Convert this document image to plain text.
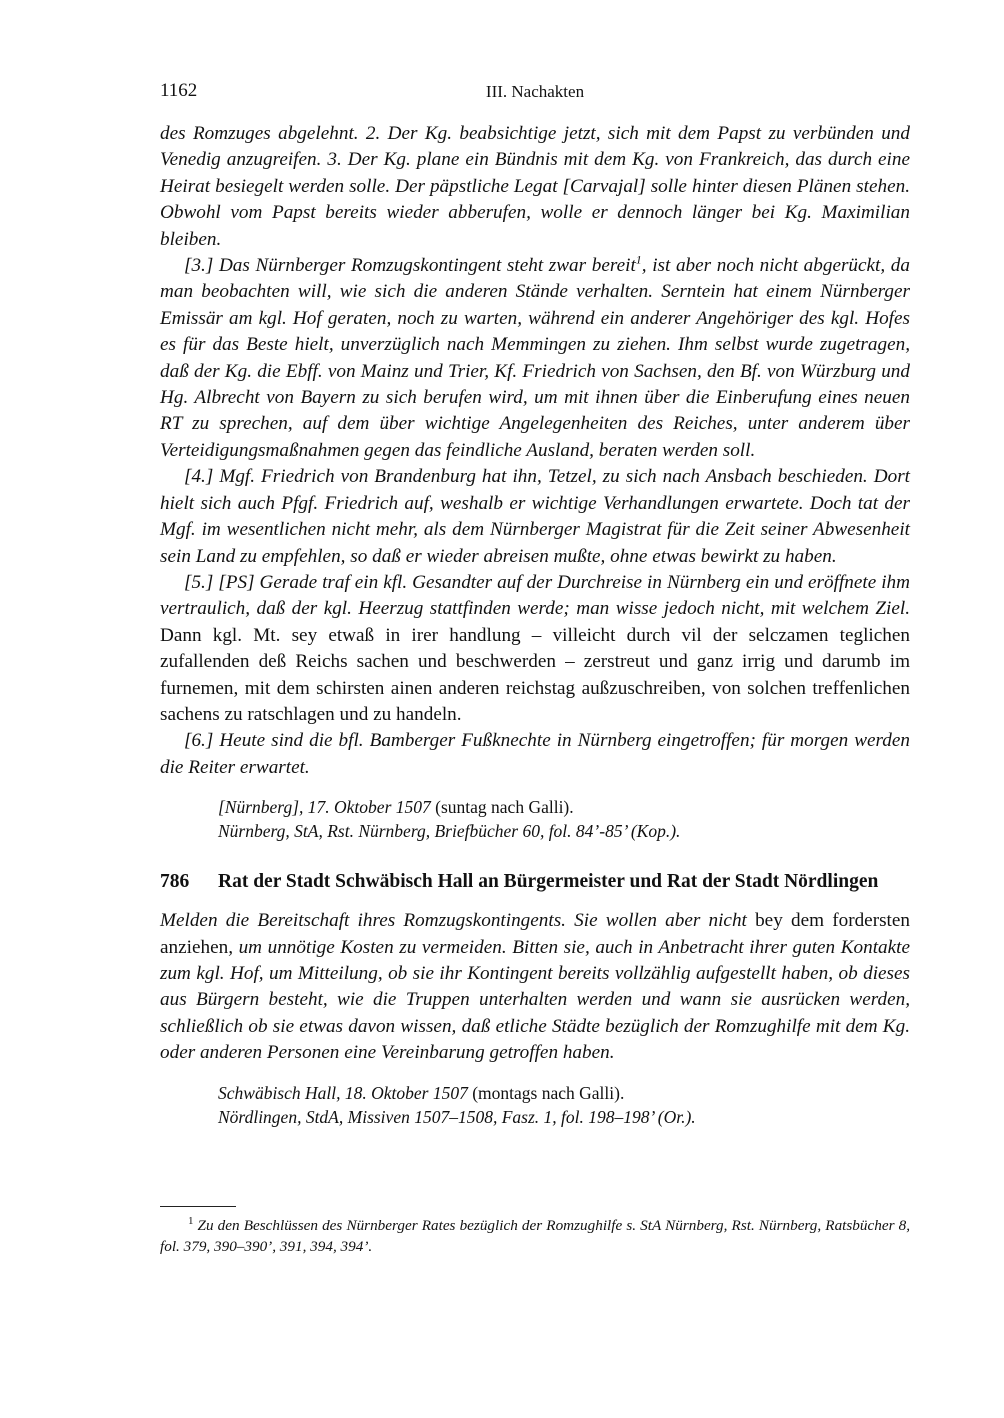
1162	III. Nachakten

des Romzuges abgelehnt. 2. Der Kg. beabsichtige jetzt, sich mit dem Papst zu verbünden und Venedig anzugreifen. 3. Der Kg. plane ein Bündnis mit dem Kg. von Frankreich, das durch eine Heirat besiegelt werden solle. Der päpstliche Legat [Carvajal] solle hinter diesen Plänen stehen. Obwohl vom Papst bereits wieder abberufen, wolle er dennoch länger bei Kg. Maximilian bleiben.

[3.] Das Nürnberger Romzugskontingent steht zwar bereit$^1$, ist aber noch nicht abgerückt, da man beobachten will, wie sich die anderen Stände verhalten. Serntein hat einem Nürnberger Emissär am kgl. Hof geraten, noch zu warten, während ein anderer Angehöriger des kgl. Hofes es für das Beste hielt, unverzüglich nach Memmingen zu ziehen. Ihm selbst wurde zugetragen, daß der Kg. die Ebff. von Mainz und Trier, Kf. Friedrich von Sachsen, den Bf. von Würzburg und Hg. Albrecht von Bayern zu sich berufen wird, um mit ihnen über die Einberufung eines neuen RT zu sprechen, auf dem über wichtige Angelegenheiten des Reiches, unter anderem über Verteidigungsmaßnahmen gegen das feindliche Ausland, beraten werden soll.

[4.] Mgf. Friedrich von Brandenburg hat ihn, Tetzel, zu sich nach Ansbach beschieden. Dort hielt sich auch Pfgf. Friedrich auf, weshalb er wichtige Verhandlungen erwartete. Doch tat der Mgf. im wesentlichen nicht mehr, als dem Nürnberger Magistrat für die Zeit seiner Abwesenheit sein Land zu empfehlen, so daß er wieder abreisen mußte, ohne etwas bewirkt zu haben.

[5.] [PS] Gerade traf ein kfl. Gesandter auf der Durchreise in Nürnberg ein und eröffnete ihm vertraulich, daß der kgl. Heerzug stattfinden werde; man wisse jedoch nicht, mit welchem Ziel. Dann kgl. Mt. sey etwaß in irer handlung – villeicht durch vil der selczamen teglichen zufallenden deß Reichs sachen und beschwerden – zerstreut und ganz irrig und darumb im furnemen, mit dem schirsten ainen anderen reichstag außzuschreiben, von solchen treffenlichen sachens zu ratschlagen und zu handeln.

[6.] Heute sind die bfl. Bamberger Fußknechte in Nürnberg eingetroffen; für morgen werden die Reiter erwartet.

[Nürnberg], 17. Oktober 1507 (suntag nach Galli).
Nürnberg, StA, Rst. Nürnberg, Briefbücher 60, fol. 84’-85’ (Kop.).
786	Rat der Stadt Schwäbisch Hall an Bürgermeister und Rat der Stadt Nördlingen

Melden die Bereitschaft ihres Romzugskontingents. Sie wollen aber nicht bey dem fordersten anziehen, um unnötige Kosten zu vermeiden. Bitten sie, auch in Anbetracht ihrer guten Kontakte zum kgl. Hof, um Mitteilung, ob sie ihr Kontingent bereits vollzählig aufgestellt haben, ob dieses aus Bürgern besteht, wie die Truppen unterhalten werden und wann sie ausrücken werden, schließlich ob sie etwas davon wissen, daß etliche Städte bezüglich der Romzughilfe mit dem Kg. oder anderen Personen eine Vereinbarung getroffen haben.

Schwäbisch Hall, 18. Oktober 1507 (montags nach Galli).
Nördlingen, StdA, Missiven 1507–1508, Fasz. 1, fol. 198–198’ (Or.).
$^1$ Zu den Beschlüssen des Nürnberger Rates bezüglich der Romzughilfe s. StA Nürnberg, Rst. Nürnberg, Ratsbücher 8, fol. 379, 390–390’, 391, 394, 394’.
